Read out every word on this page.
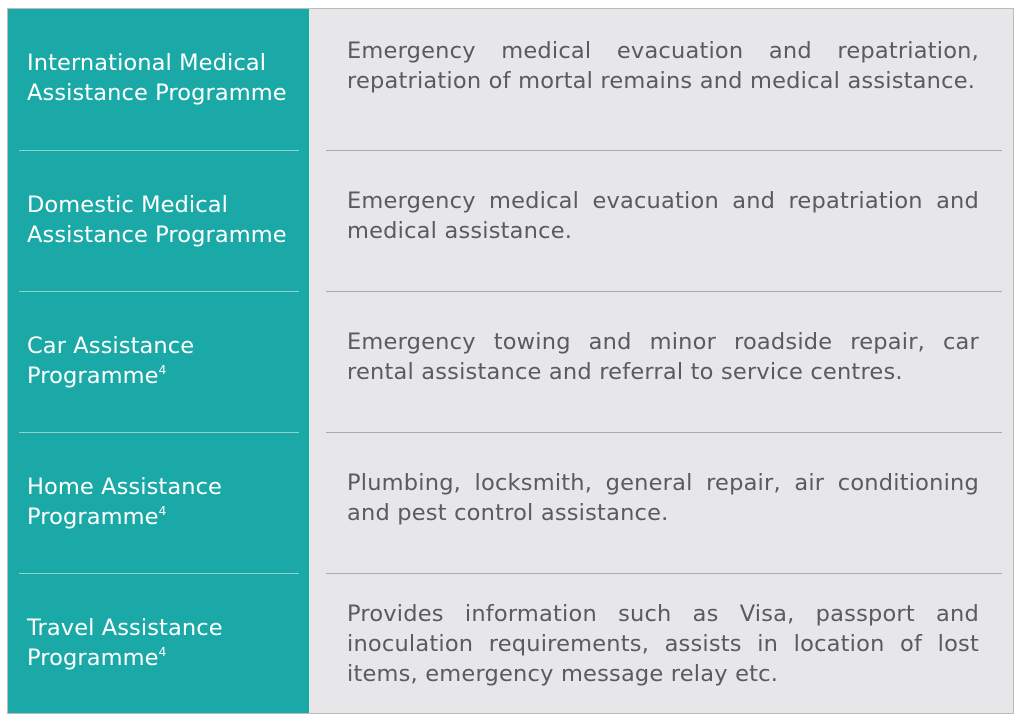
International Medical
Assistance Programme
Domestic Medical
Assistance Programme
Car Assistance
Programme$^4$
Home Assistance
Programme$^4$
Travel Assistance
Programme$^4$
Emergency medical evacuation and repatriation, repatriation of mortal remains and medical assistance.
Emergency medical evacuation and repatriation and medical assistance.
Emergency towing and minor roadside repair, car rental assistance and referral to service centres.
Plumbing, locksmith, general repair, air conditioning and pest control assistance.
Provides information such as Visa, passport and inoculation requirements, assists in location of lost items, emergency message relay etc.
